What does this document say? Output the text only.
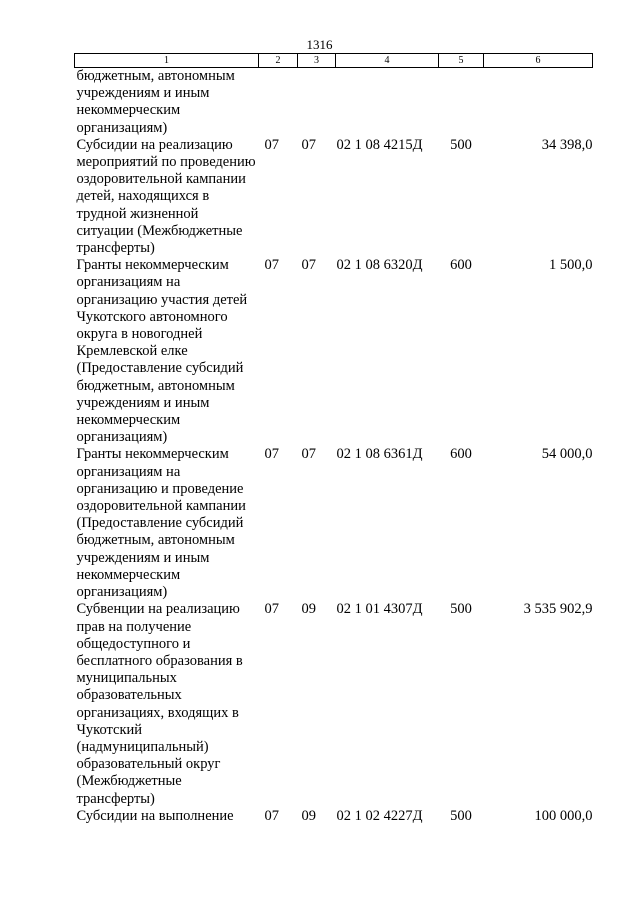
1316
1	2	3	4	5	6
бюджетным, автономным учреждениям и иным некоммерческим организациям)					
Субсидии на реализацию мероприятий по проведению оздоровительной кампании детей, находящихся в трудной жизненной ситуации (Межбюджетные трансферты)	07	07	02 1 08 4215Д	500	34 398,0
Гранты некоммерческим организациям на организацию участия детей Чукотского автономного округа в новогодней Кремлевской елке (Предоставление субсидий бюджетным, автономным учреждениям и иным некоммерческим организациям)	07	07	02 1 08 6320Д	600	1 500,0
Гранты некоммерческим организациям на организацию и проведение оздоровительной кампании (Предоставление субсидий бюджетным, автономным учреждениям и иным некоммерческим организациям)	07	07	02 1 08 6361Д	600	54 000,0
Субвенции на реализацию прав на получение общедоступного и бесплатного образования в муниципальных образовательных организациях, входящих в Чукотский (надмуниципальный) образовательный округ (Межбюджетные трансферты)	07	09	02 1 01 4307Д	500	3 535 902,9
Субсидии на выполнение	07	09	02 1 02 4227Д	500	100 000,0
